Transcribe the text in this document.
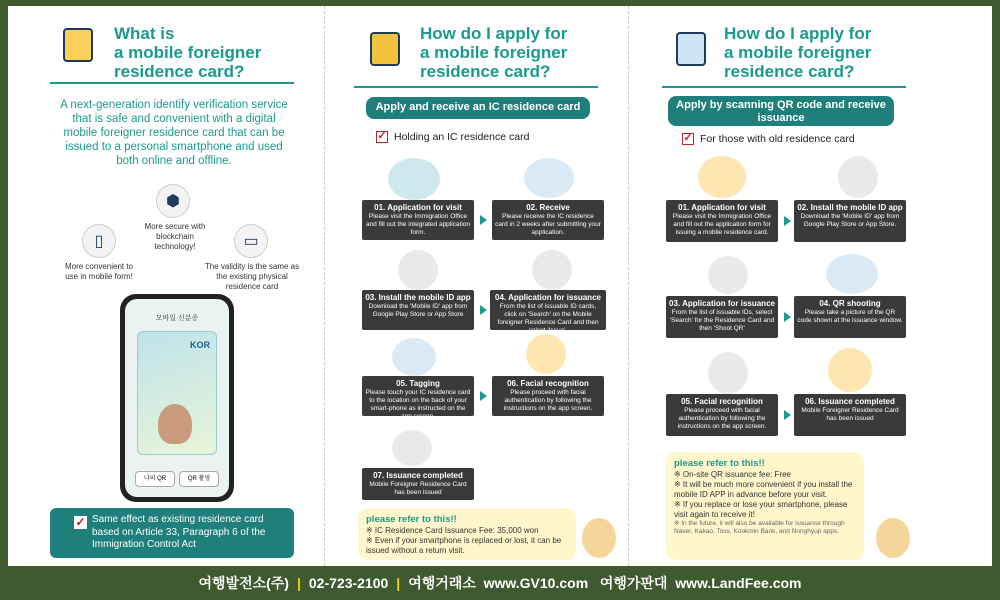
What is
a mobile foreigner
residence card?
A next-generation identify verification service that is safe and convenient with a digital mobile foreigner residence card that can be issued to a personal smartphone and used both online and offline.
⬢
More secure with blockchain technology!
▯
More convenient to use in mobile form!
▭
The validity is the same as the existing physical residence card
모바일 신분증
KOR
나의 QR	QR 촬영
✓ Same effect as existing residence card based on Article 33, Paragraph 6 of the Immigration Control Act
How do I apply for
a mobile foreigner
residence card?
Apply and receive an IC residence card
✓ Holding an IC residence card
01. Application for visit
Please visit the Immigration Office and fill out the integrated application form.
02. Receive
Please receive the IC residence card in 2 weeks after submitting your application.
03. Install the mobile ID app
Download the 'Mobile ID' app from Google Play Store or App Store
04. Application for issuance
From the list of issuable ID cards, click on 'Search' on the Mobile foreigner Residence Card and then select 'Issue'.
05. Tagging
Please touch your IC residence card to the location on the back of your smart-phone as instructed on the app screen.
06. Facial recognition
Please proceed with facial authentication by following the instructions on the app screen.
07. Issuance completed
Mobile Foreigner Residence Card has been issued
please refer to this!!
※ IC Residence Card Issuance Fee: 35,000 won
※ Even if your smartphone is replaced or lost, it can be issued without a return visit.
How do I apply for
a mobile foreigner
residence card?
Apply by scanning QR code and receive issuance
✓ For those with old residence card
01. Application for visit
Please visit the Immigration Office and fill out the application form for issuing a mobile residence card.
02. Install the mobile ID app
Download the 'Mobile ID' app from Google Play Store or App Store.
03. Application for issuance
From the list of issuable IDs, select 'Search' for the Residence Card and then 'Shoot QR'
04. QR shooting
Please take a picture of the QR code shown at the issuance window.
05. Facial recognition
Please proceed with facial authentication by following the instructions on the app screen.
06. Issuance completed
Mobile Foreigner Residence Card has been issued
please refer to this!!
※ On-site QR issuance fee: Free
※ It will be much more convenient if you install the mobile ID APP in advance before your visit.
※ If you replace or lose your smartphone, please visit again to receive it!
※ In the future, it will also be available for issuance through Naver, Kakao, Toss, Kookmin Bank, and Nonghyup apps.
여행발전소(주) | 02-723-2100 | 여행거래소 www.GV10.com 여행가판대 www.LandFee.com
